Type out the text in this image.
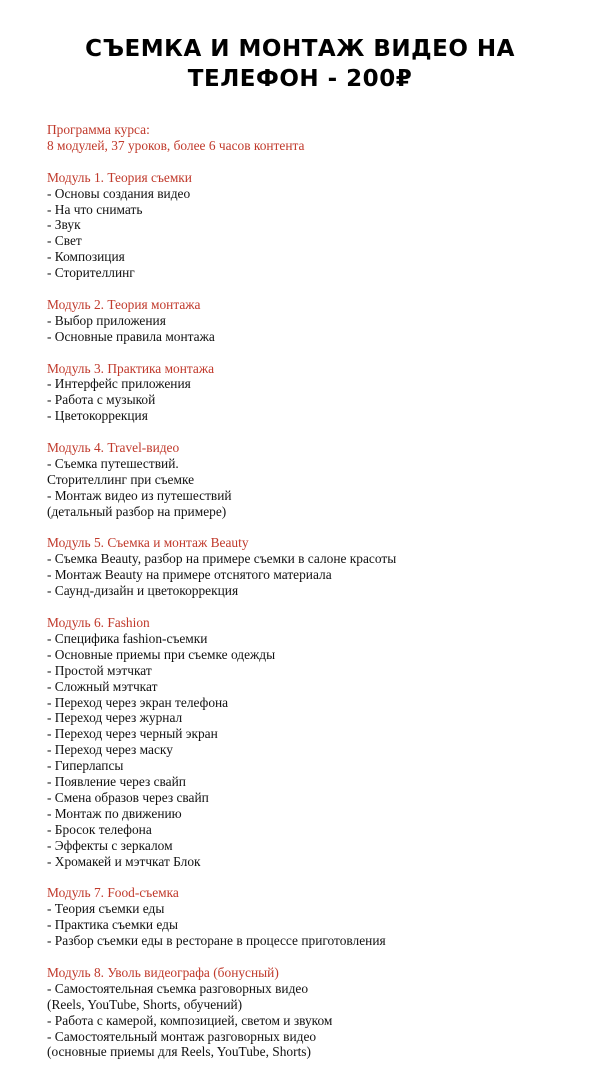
СЪЕМКА И МОНТАЖ ВИДЕО НА
ТЕЛЕФОН - 200₽
Программа курса:
8 модулей, 37 уроков, более 6 часов контента
Модуль 1. Теория съемки
- Основы создания видео
- На что снимать
- Звук
- Свет
- Композиция
- Сторителлинг
Модуль 2. Теория монтажа
- Выбор приложения
- Основные правила монтажа
Модуль 3. Практика монтажа
- Интерфейс приложения
- Работа с музыкой
- Цветокоррекция
Модуль 4. Travel-видео
- Съемка путешествий.
Сторителлинг при съемке
- Монтаж видео из путешествий
(детальный разбор на примере)
Модуль 5. Съемка и монтаж Beauty
- Съемка Beauty, разбор на примере съемки в салоне красоты
- Монтаж Beauty на примере отснятого материала
- Саунд-дизайн и цветокоррекция
Модуль 6. Fashion
- Специфика fashion-съемки
- Основные приемы при съемке одежды
- Простой мэтчкат
- Сложный мэтчкат
- Переход через экран телефона
- Переход через журнал
- Переход через черный экран
- Переход через маску
- Гиперлапсы
- Появление через свайп
- Смена образов через свайп
- Монтаж по движению
- Бросок телефона
- Эффекты с зеркалом
- Хромакей и мэтчкат Блок
Модуль 7. Food-съемка
- Теория съемки еды
- Практика съемки еды
- Разбор съемки еды в ресторане в процессе приготовления
Модуль 8. Уволь видеографа (бонусный)
- Самостоятельная съемка разговорных видео
(Reels, YouTube, Shorts, обучений)
- Работа с камерой, композицией, светом и звуком
- Самостоятельный монтаж разговорных видео
(основные приемы для Reels, YouTube, Shorts)
